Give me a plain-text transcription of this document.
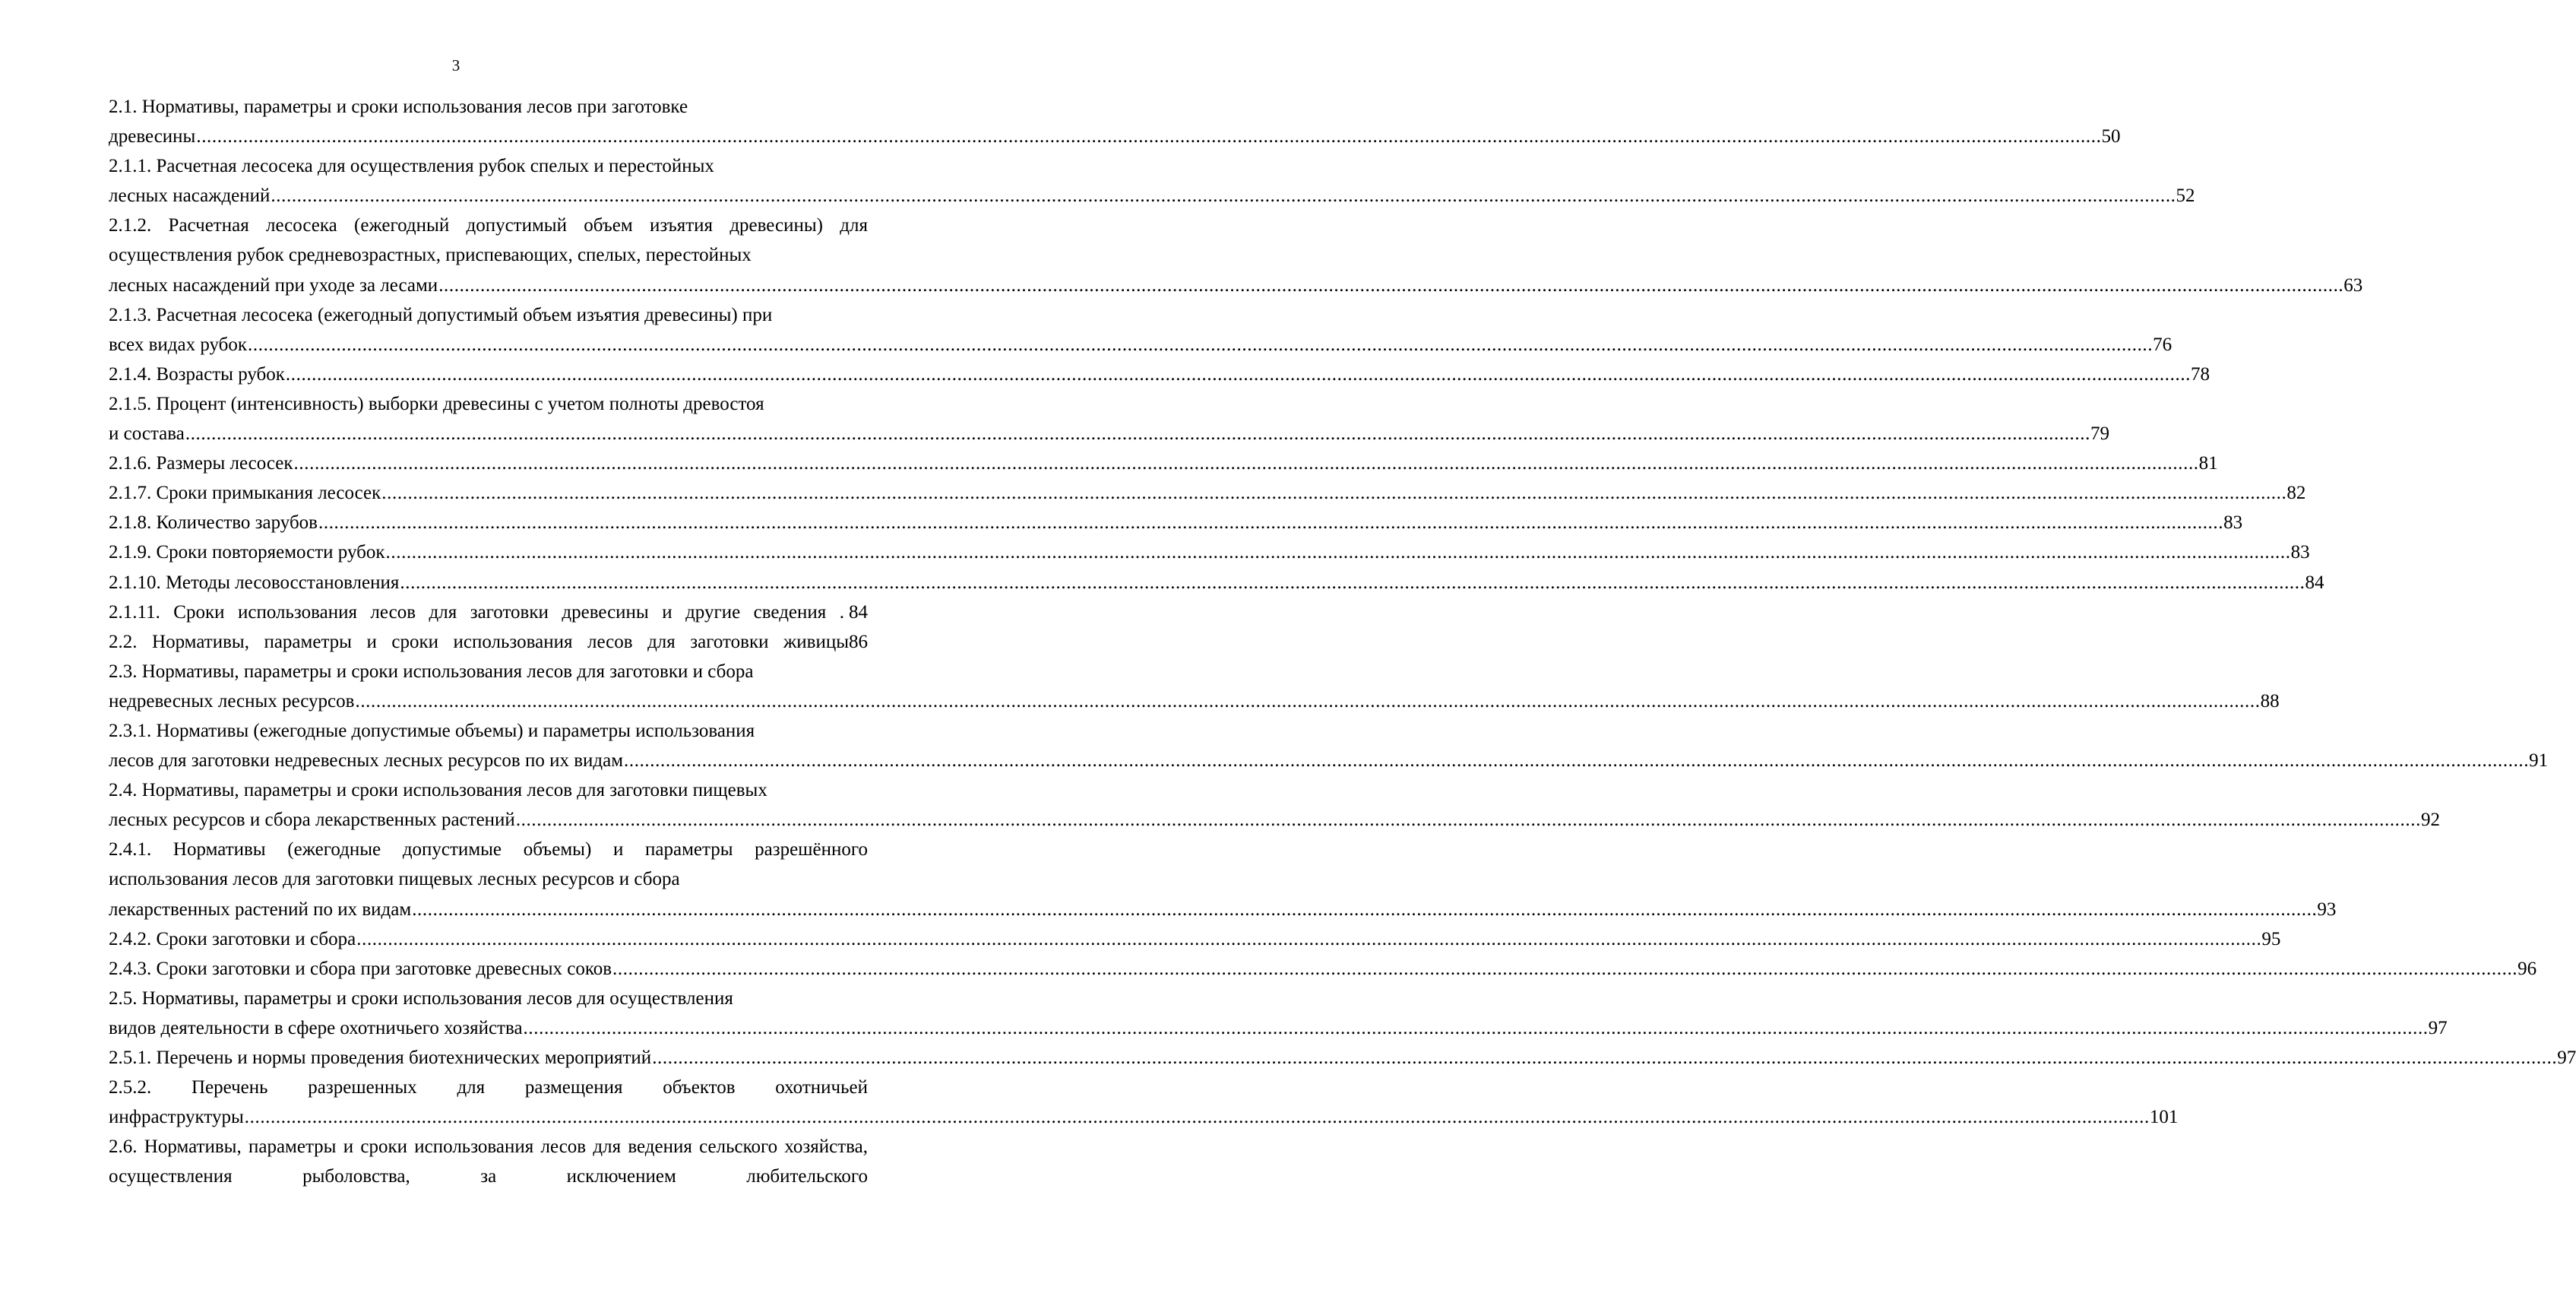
3
2.1. Нормативы, параметры и сроки использования лесов при заготовке
древесины .............................................................................................................................................................................................................................................................................................................................................................................. 50
2.1.1. Расчетная лесосека для осуществления рубок спелых и перестойных
лесных насаждений .............................................................................................................................................................................................................................................................................................................................................................................. 52
2.1.2. Расчетная лесосека (ежегодный допустимый объем изъятия древесины) для осуществления рубок средневозрастных, приспевающих, спелых, перестойных
лесных насаждений при уходе за лесами .............................................................................................................................................................................................................................................................................................................................................................................. 63
2.1.3. Расчетная лесосека (ежегодный допустимый объем изъятия древесины) при
всех видах рубок .............................................................................................................................................................................................................................................................................................................................................................................. 76
2.1.4. Возрасты рубок .............................................................................................................................................................................................................................................................................................................................................................................. 78
2.1.5. Процент (интенсивность) выборки древесины с учетом полноты древостоя
и состава .............................................................................................................................................................................................................................................................................................................................................................................. 79
2.1.6. Размеры лесосек .............................................................................................................................................................................................................................................................................................................................................................................. 81
2.1.7. Сроки примыкания лесосек .............................................................................................................................................................................................................................................................................................................................................................................. 82
2.1.8. Количество зарубов .............................................................................................................................................................................................................................................................................................................................................................................. 83
2.1.9. Сроки повторяемости рубок .............................................................................................................................................................................................................................................................................................................................................................................. 83
2.1.10. Методы лесовосстановления .............................................................................................................................................................................................................................................................................................................................................................................. 84
2.1.11. Сроки использования лесов для заготовки древесины и другие сведения . 84
2.2. Нормативы, параметры и сроки использования лесов для заготовки живицы 86
2.3. Нормативы, параметры и сроки использования лесов для заготовки и сбора
недревесных лесных ресурсов .............................................................................................................................................................................................................................................................................................................................................................................. 88
2.3.1. Нормативы (ежегодные допустимые объемы) и параметры использования
лесов для заготовки недревесных лесных ресурсов по их видам .............................................................................................................................................................................................................................................................................................................................................................................. 91
2.4. Нормативы, параметры и сроки использования лесов для заготовки пищевых
лесных ресурсов и сбора лекарственных растений .............................................................................................................................................................................................................................................................................................................................................................................. 92
2.4.1. Нормативы (ежегодные допустимые объемы) и параметры разрешённого использования лесов для заготовки пищевых лесных ресурсов и сбора
лекарственных растений по их видам .............................................................................................................................................................................................................................................................................................................................................................................. 93
2.4.2. Сроки заготовки и сбора .............................................................................................................................................................................................................................................................................................................................................................................. 95
2.4.3. Сроки заготовки и сбора при заготовке древесных соков .............................................................................................................................................................................................................................................................................................................................................................................. 96
2.5. Нормативы, параметры и сроки использования лесов для осуществления
видов деятельности в сфере охотничьего хозяйства .............................................................................................................................................................................................................................................................................................................................................................................. 97
2.5.1. Перечень и нормы проведения биотехнических мероприятий .............................................................................................................................................................................................................................................................................................................................................................................. 97
2.5.2. Перечень разрешенных для размещения объектов охотничьей
инфраструктуры .............................................................................................................................................................................................................................................................................................................................................................................. 101
2.6. Нормативы, параметры и сроки использования лесов для ведения сельского хозяйства, осуществления рыболовства, за исключением любительского
